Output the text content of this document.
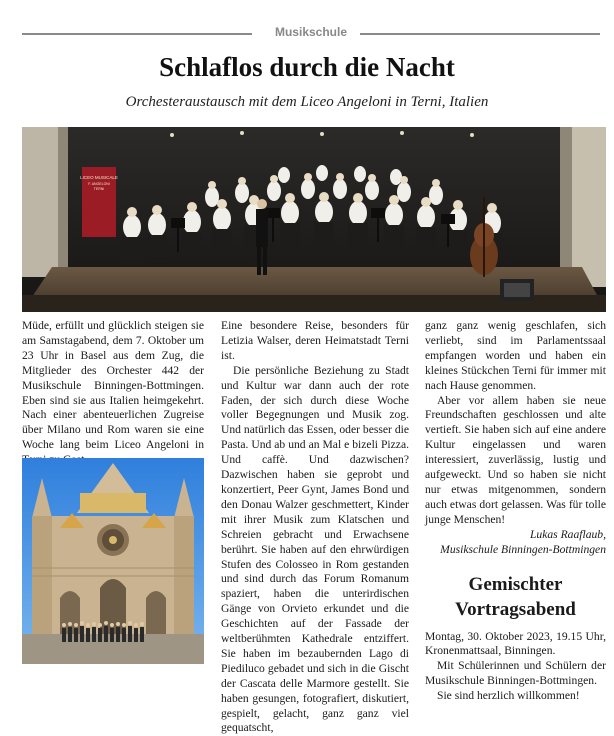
Musikschule
Schlaflos durch die Nacht
Orchesteraustausch mit dem Liceo Angeloni in Terni, Italien
LICEO MUSICALE
F. ANGELONI
TERNI

Müde, erfüllt und glücklich steigen sie am Samstagabend, dem 7. Oktober um 23 Uhr in Basel aus dem Zug, die Mitglieder des Orchester 442 der Musikschule Binningen-Bottmingen. Eben sind sie aus Italien heimgekehrt. Nach einer abenteuerlichen Zugreise über Milano und Rom waren sie eine Woche lang beim Liceo Angeloni in

Eine besondere Reise, besonders für Letizia Walser, deren Heimatstadt Terni ist.

Die persönliche Beziehung zu Stadt und Kultur war dann auch der rote Faden, der sich durch diese Woche voller Begegnungen und Musik zog. Und natürlich das Essen, oder besser die Pasta. Und ab und an Mal e bizeli Pizza. Und caffè. Und dazwischen? Dazwischen haben sie geprobt und konzertiert, Peer Gynt, James Bond und den Donau Walzer geschmettert, Kinder mit ihrer Musik zum Klatschen und Schreien gebracht und Erwachsene berührt. Sie haben auf den ehrwürdigen Stufen des Colosseo in Rom gestanden und sind durch das Forum Romanum spaziert, haben die unterirdischen Gänge von Orvieto erkundet und die Geschichten auf der Fassade der weltberühmten Kathedrale entziffert. Sie haben im bezaubernden Lago di Piediluco gebadet und sich in die Gischt der Cascata delle Marmore gestellt. Sie haben gesungen, fotografiert, diskutiert, gespielt, gelacht, ganz ganz viel gequatscht,

ganz ganz wenig geschlafen, sich verliebt, sind im Parlamentssaal empfangen worden und haben ein kleines Stückchen Terni für immer mit nach Hause genommen.

Aber vor allem haben sie neue Freundschaften geschlossen und alte vertieft. Sie haben sich auf eine andere Kultur eingelassen und waren interessiert, zuverlässig, lustig und aufgeweckt. Und so haben sie nicht nur etwas mitgenommen, sondern auch etwas dort gelassen. Was für tolle junge Menschen!

Lukas Raaflaub,

Musikschule Binningen-Bottmingen

Gemischter
Vortragsabend

Montag, 30. Oktober 2023, 19.15 Uhr, Kronenmattsaal, Binningen.

Mit Schülerinnen und Schülern der Musikschule Binningen-Bottmingen.

Sie sind herzlich willkommen!
